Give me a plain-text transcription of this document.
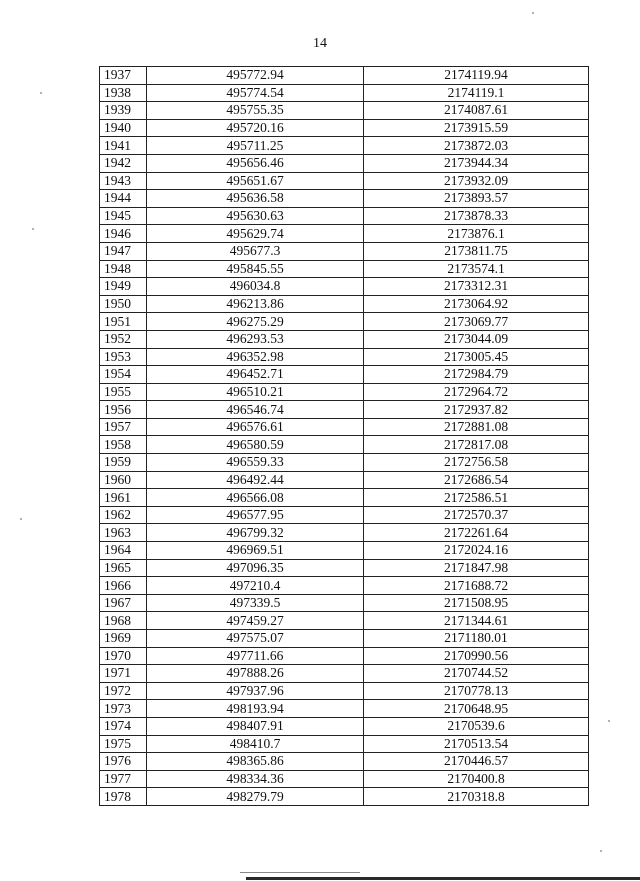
14
1937	495772.94	2174119.94
1938	495774.54	2174119.1
1939	495755.35	2174087.61
1940	495720.16	2173915.59
1941	495711.25	2173872.03
1942	495656.46	2173944.34
1943	495651.67	2173932.09
1944	495636.58	2173893.57
1945	495630.63	2173878.33
1946	495629.74	2173876.1
1947	495677.3	2173811.75
1948	495845.55	2173574.1
1949	496034.8	2173312.31
1950	496213.86	2173064.92
1951	496275.29	2173069.77
1952	496293.53	2173044.09
1953	496352.98	2173005.45
1954	496452.71	2172984.79
1955	496510.21	2172964.72
1956	496546.74	2172937.82
1957	496576.61	2172881.08
1958	496580.59	2172817.08
1959	496559.33	2172756.58
1960	496492.44	2172686.54
1961	496566.08	2172586.51
1962	496577.95	2172570.37
1963	496799.32	2172261.64
1964	496969.51	2172024.16
1965	497096.35	2171847.98
1966	497210.4	2171688.72
1967	497339.5	2171508.95
1968	497459.27	2171344.61
1969	497575.07	2171180.01
1970	497711.66	2170990.56
1971	497888.26	2170744.52
1972	497937.96	2170778.13
1973	498193.94	2170648.95
1974	498407.91	2170539.6
1975	498410.7	2170513.54
1976	498365.86	2170446.57
1977	498334.36	2170400.8
1978	498279.79	2170318.8
